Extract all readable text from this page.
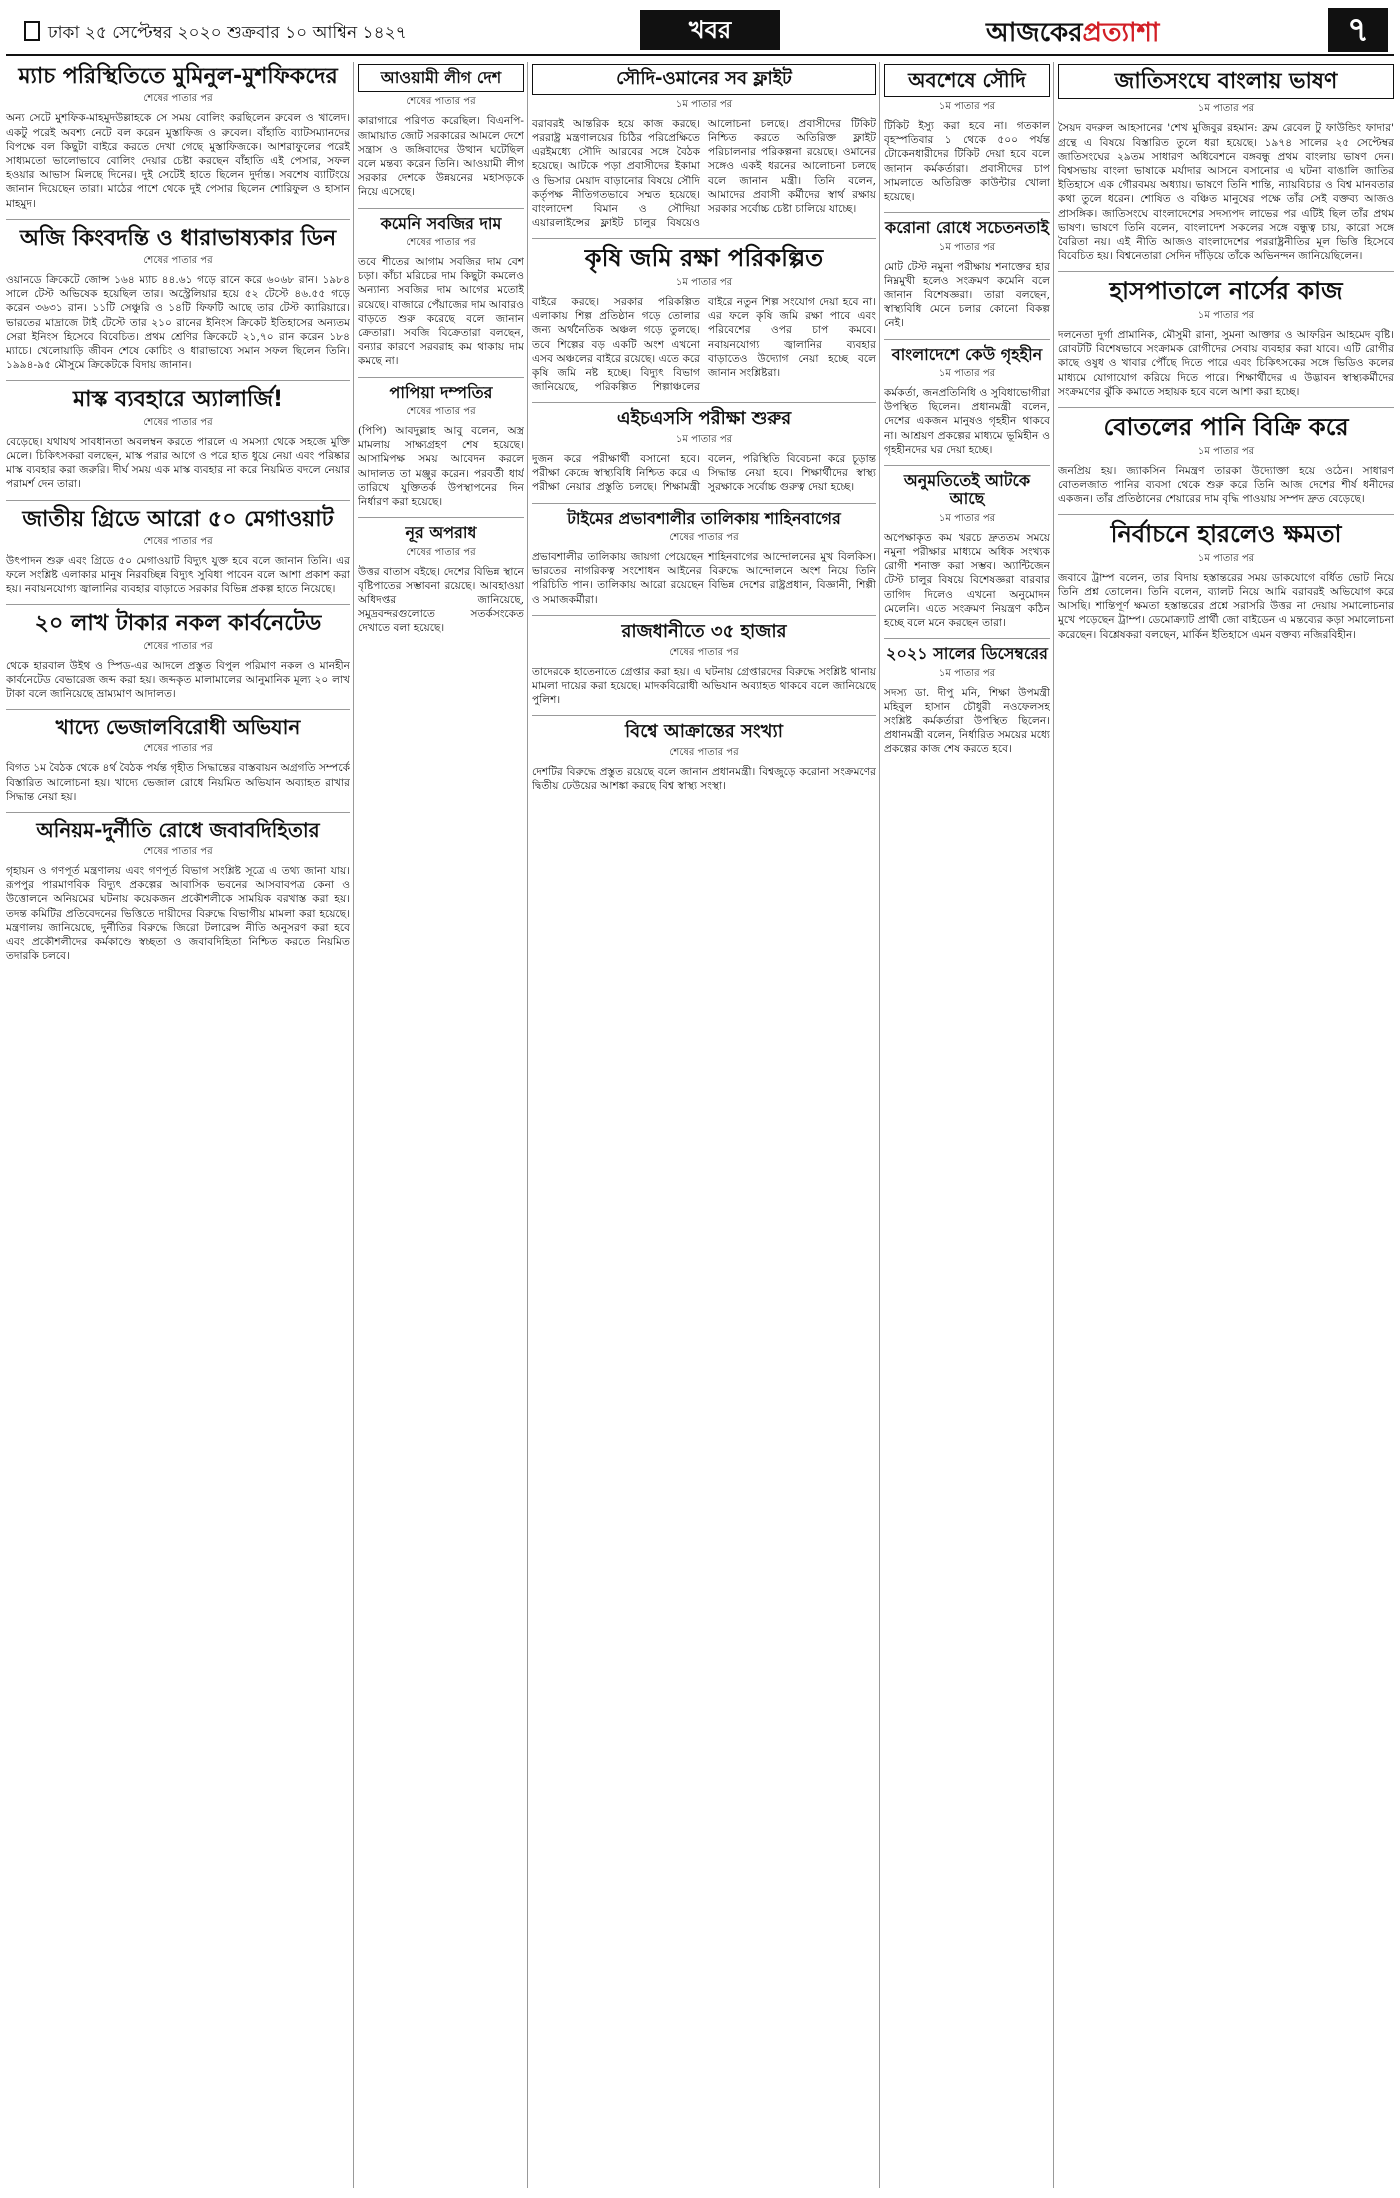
ঢাকা ২৫ সেপ্টেম্বর ২০২০ শুক্রবার ১০ আশ্বিন ১৪২৭	খবর	আজকেরপ্রত্যাশা	৭
ম্যাচ পরিস্থিতিতে মুমিনুল-মুশফিকদের
শেষের পাতার পর

অন্য সেটে মুশফিক-মাহমুদউল্লাহকে সে সময় বোলিং করছিলেন রুবেল ও খালেদ। একটু পরেই অবশ্য নেটে বল করেন মুস্তাফিজ ও রুবেল। বাঁহাতি ব্যাটসম্যানদের বিপক্ষে বল কিছুটা বাইরে করতে দেখা গেছে মুস্তাফিজকে। আশরাফুলের পরেই সাধ্যমতো ভালোভাবে বোলিং দেয়ার চেষ্টা করছেন বাঁহাতি এই পেসার, সফল হওয়ার আভাস মিলছে দিনের। দুই সেটেই হাতে ছিলেন দুর্দান্ত। সবশেষ ব্যাটিংয়ে জানান দিয়েছেন তারা। মাঠের পাশে থেকে দুই পেসার ছিলেন শোরিফুল ও হাসান মাহমুদ।

অজি কিংবদন্তি ও ধারাভাষ্যকার ডিন
শেষের পাতার পর

ওয়ানডে ক্রিকেটে জোন্স ১৬৪ ম্যাচ ৪৪.৬১ গড়ে রানে করে ৬০৬৮ রান। ১৯৮৪ সালে টেস্ট অভিষেক হয়েছিল তার। অস্ট্রেলিয়ার হয়ে ৫২ টেস্টে ৪৬.৫৫ গড়ে করেন ৩৬৩১ রান। ১১টি সেঞ্চুরি ও ১৪টি ফিফটি আছে তার টেস্ট ক্যারিয়ারে। ভারতের মাদ্রাজে টাই টেস্টে তার ২১০ রানের ইনিংস ক্রিকেট ইতিহাসের অন্যতম সেরা ইনিংস হিসেবে বিবেচিত। প্রথম শ্রেণির ক্রিকেটে ২১,৭০ রান করেন ১৮৪ ম্যাচে। খেলোয়াড়ি জীবন শেষে কোচিং ও ধারাভাষ্যে সমান সফল ছিলেন তিনি। ১৯৯৪-৯৫ মৌসুমে ক্রিকেটকে বিদায় জানান।

মাস্ক ব্যবহারে অ্যালার্জি!
শেষের পাতার পর

বেড়েছে। যথাযথ সাবধানতা অবলম্বন করতে পারলে এ সমস্যা থেকে সহজে মুক্তি মেলে। চিকিৎসকরা বলছেন, মাস্ক পরার আগে ও পরে হাত ধুয়ে নেয়া এবং পরিষ্কার মাস্ক ব্যবহার করা জরুরি। দীর্ঘ সময় এক মাস্ক ব্যবহার না করে নিয়মিত বদলে নেয়ার পরামর্শ দেন তারা।

জাতীয় গ্রিডে আরো ৫০ মেগাওয়াট
শেষের পাতার পর

উৎপাদন শুরু এবং গ্রিডে ৫০ মেগাওয়াট বিদ্যুৎ যুক্ত হবে বলে জানান তিনি। এর ফলে সংশ্লিষ্ট এলাকার মানুষ নিরবচ্ছিন্ন বিদ্যুৎ সুবিধা পাবেন বলে আশা প্রকাশ করা হয়। নবায়নযোগ্য জ্বালানির ব্যবহার বাড়াতে সরকার বিভিন্ন প্রকল্প হাতে নিয়েছে।

২০ লাখ টাকার নকল কার্বনেটেড
শেষের পাতার পর

থেকে হারবাল উইথ ও স্পিড-এর আদলে প্রস্তুত বিপুল পরিমাণ নকল ও মানহীন কার্বনেটেড বেভারেজ জব্দ করা হয়। জব্দকৃত মালামালের আনুমানিক মূল্য ২০ লাখ টাকা বলে জানিয়েছে ভ্রাম্যমাণ আদালত।

খাদ্যে ভেজালবিরোধী অভিযান
শেষের পাতার পর

বিগত ১ম বৈঠক থেকে ৪র্থ বৈঠক পর্যন্ত গৃহীত সিদ্ধান্তের বাস্তবায়ন অগ্রগতি সম্পর্কে বিস্তারিত আলোচনা হয়। খাদ্যে ভেজাল রোধে নিয়মিত অভিযান অব্যাহত রাখার সিদ্ধান্ত নেয়া হয়।

অনিয়ম-দুর্নীতি রোধে জবাবদিহিতার
শেষের পাতার পর

গৃহায়ন ও গণপূর্ত মন্ত্রণালয় এবং গণপূর্ত বিভাগ সংশ্লিষ্ট সূত্রে এ তথ্য জানা যায়। রূপপুর পারমাণবিক বিদ্যুৎ প্রকল্পের আবাসিক ভবনের আসবাবপত্র কেনা ও উত্তোলনে অনিয়মের ঘটনায় কয়েকজন প্রকৌশলীকে সাময়িক বরখাস্ত করা হয়। তদন্ত কমিটির প্রতিবেদনের ভিত্তিতে দায়ীদের বিরুদ্ধে বিভাগীয় মামলা করা হয়েছে। মন্ত্রণালয় জানিয়েছে, দুর্নীতির বিরুদ্ধে জিরো টলারেন্স নীতি অনুসরণ করা হবে এবং প্রকৌশলীদের কর্মকাণ্ডে স্বচ্ছতা ও জবাবদিহিতা নিশ্চিত করতে নিয়মিত তদারকি চলবে।

আওয়ামী লীগ দেশ
শেষের পাতার পর

কারাগারে পরিণত করেছিল। বিএনপি-জামায়াত জোট সরকারের আমলে দেশে সন্ত্রাস ও জঙ্গিবাদের উত্থান ঘটেছিল বলে মন্তব্য করেন তিনি। আওয়ামী লীগ সরকার দেশকে উন্নয়নের মহাসড়কে নিয়ে এসেছে।

কমেনি সবজির দাম
শেষের পাতার পর

তবে শীতের আগাম সবজির দাম বেশ চড়া। কাঁচা মরিচের দাম কিছুটা কমলেও অন্যান্য সবজির দাম আগের মতোই রয়েছে। বাজারে পেঁয়াজের দাম আবারও বাড়তে শুরু করেছে বলে জানান ক্রেতারা। সবজি বিক্রেতারা বলছেন, বন্যার কারণে সরবরাহ কম থাকায় দাম কমছে না।

পাপিয়া দম্পতির
শেষের পাতার পর

(পিপি) আবদুল্লাহ আবু বলেন, অস্ত্র মামলায় সাক্ষ্যগ্রহণ শেষ হয়েছে। আসামিপক্ষ সময় আবেদন করলে আদালত তা মঞ্জুর করেন। পরবর্তী ধার্য তারিখে যুক্তিতর্ক উপস্থাপনের দিন নির্ধারণ করা হয়েছে।

নূর অপরাধ
শেষের পাতার পর

উত্তর বাতাস বইছে। দেশের বিভিন্ন স্থানে বৃষ্টিপাতের সম্ভাবনা রয়েছে। আবহাওয়া অধিদপ্তর জানিয়েছে, সমুদ্রবন্দরগুলোতে সতর্কসংকেত দেখাতে বলা হয়েছে।

সৌদি-ওমানের সব ফ্লাইট
১ম পাতার পর

বরাবরই আন্তরিক হয়ে কাজ করছে। পররাষ্ট্র মন্ত্রণালয়ের চিঠির পরিপ্রেক্ষিতে এরইমধ্যে সৌদি আরবের সঙ্গে বৈঠক হয়েছে। আটকে পড়া প্রবাসীদের ইকামা ও ভিসার মেয়াদ বাড়ানোর বিষয়ে সৌদি কর্তৃপক্ষ নীতিগতভাবে সম্মত হয়েছে। বাংলাদেশ বিমান ও সৌদিয়া এয়ারলাইন্সের ফ্লাইট চালুর বিষয়েও আলোচনা চলছে। প্রবাসীদের টিকিট নিশ্চিত করতে অতিরিক্ত ফ্লাইট পরিচালনার পরিকল্পনা রয়েছে। ওমানের সঙ্গেও একই ধরনের আলোচনা চলছে বলে জানান মন্ত্রী। তিনি বলেন, আমাদের প্রবাসী কর্মীদের স্বার্থ রক্ষায় সরকার সর্বোচ্চ চেষ্টা চালিয়ে যাচ্ছে।

কৃষি জমি রক্ষা পরিকল্পিত
১ম পাতার পর

বাইরে করছে। সরকার পরিকল্পিত এলাকায় শিল্প প্রতিষ্ঠান গড়ে তোলার জন্য অর্থনৈতিক অঞ্চল গড়ে তুলছে। তবে শিল্পের বড় একটি অংশ এখনো এসব অঞ্চলের বাইরে রয়েছে। এতে করে কৃষি জমি নষ্ট হচ্ছে। বিদ্যুৎ বিভাগ জানিয়েছে, পরিকল্পিত শিল্পাঞ্চলের বাইরে নতুন শিল্প সংযোগ দেয়া হবে না। এর ফলে কৃষি জমি রক্ষা পাবে এবং পরিবেশের ওপর চাপ কমবে। নবায়নযোগ্য জ্বালানির ব্যবহার বাড়াতেও উদ্যোগ নেয়া হচ্ছে বলে জানান সংশ্লিষ্টরা।

এইচএসসি পরীক্ষা শুরুর
১ম পাতার পর

দুজন করে পরীক্ষার্থী বসানো হবে। পরীক্ষা কেন্দ্রে স্বাস্থ্যবিধি নিশ্চিত করে এ পরীক্ষা নেয়ার প্রস্তুতি চলছে। শিক্ষামন্ত্রী বলেন, পরিস্থিতি বিবেচনা করে চূড়ান্ত সিদ্ধান্ত নেয়া হবে। শিক্ষার্থীদের স্বাস্থ্য সুরক্ষাকে সর্বোচ্চ গুরুত্ব দেয়া হচ্ছে।

টাইমের প্রভাবশালীর তালিকায় শাহিনবাগের
শেষের পাতার পর

প্রভাবশালীর তালিকায় জায়গা পেয়েছেন শাহিনবাগের আন্দোলনের মুখ বিলকিস। ভারতের নাগরিকত্ব সংশোধন আইনের বিরুদ্ধে আন্দোলনে অংশ নিয়ে তিনি পরিচিতি পান। তালিকায় আরো রয়েছেন বিভিন্ন দেশের রাষ্ট্রপ্রধান, বিজ্ঞানী, শিল্পী ও সমাজকর্মীরা।

রাজধানীতে ৩৫ হাজার
শেষের পাতার পর

তাদেরকে হাতেনাতে গ্রেপ্তার করা হয়। এ ঘটনায় গ্রেপ্তারদের বিরুদ্ধে সংশ্লিষ্ট থানায় মামলা দায়ের করা হয়েছে। মাদকবিরোধী অভিযান অব্যাহত থাকবে বলে জানিয়েছে পুলিশ।

বিশ্বে আক্রান্তের সংখ্যা
শেষের পাতার পর

দেশটির বিরুদ্ধে প্রস্তুত রয়েছে বলে জানান প্রধানমন্ত্রী। বিশ্বজুড়ে করোনা সংক্রমণের দ্বিতীয় ঢেউয়ের আশঙ্কা করছে বিশ্ব স্বাস্থ্য সংস্থা।

অবশেষে সৌদি
১ম পাতার পর

টিকিট ইস্যু করা হবে না। গতকাল বৃহস্পতিবার ১ থেকে ৫০০ পর্যন্ত টোকেনধারীদের টিকিট দেয়া হবে বলে জানান কর্মকর্তারা। প্রবাসীদের চাপ সামলাতে অতিরিক্ত কাউন্টার খোলা হয়েছে।

করোনা রোধে সচেতনতাই
১ম পাতার পর

মোট টেস্ট নমুনা পরীক্ষায় শনাক্তের হার নিম্নমুখী হলেও সংক্রমণ কমেনি বলে জানান বিশেষজ্ঞরা। তারা বলছেন, স্বাস্থ্যবিধি মেনে চলার কোনো বিকল্প নেই।

বাংলাদেশে কেউ গৃহহীন
১ম পাতার পর

কর্মকর্তা, জনপ্রতিনিধি ও সুবিধাভোগীরা উপস্থিত ছিলেন। প্রধানমন্ত্রী বলেন, দেশের একজন মানুষও গৃহহীন থাকবে না। আশ্রয়ণ প্রকল্পের মাধ্যমে ভূমিহীন ও গৃহহীনদের ঘর দেয়া হচ্ছে।

অনুমতিতেই আটকে আছে
১ম পাতার পর

অপেক্ষাকৃত কম খরচে দ্রুততম সময়ে নমুনা পরীক্ষার মাধ্যমে অধিক সংখ্যক রোগী শনাক্ত করা সম্ভব। অ্যান্টিজেন টেস্ট চালুর বিষয়ে বিশেষজ্ঞরা বারবার তাগিদ দিলেও এখনো অনুমোদন মেলেনি। এতে সংক্রমণ নিয়ন্ত্রণ কঠিন হচ্ছে বলে মনে করছেন তারা।

২০২১ সালের ডিসেম্বরের
১ম পাতার পর

সদস্য ডা. দীপু মনি, শিক্ষা উপমন্ত্রী মহিবুল হাসান চৌধুরী নওফেলসহ সংশ্লিষ্ট কর্মকর্তারা উপস্থিত ছিলেন। প্রধানমন্ত্রী বলেন, নির্ধারিত সময়ের মধ্যে প্রকল্পের কাজ শেষ করতে হবে।

জাতিসংঘে বাংলায় ভাষণ
১ম পাতার পর

সৈয়দ বদরুল আহসানের 'শেখ মুজিবুর রহমান: ফ্রম রেবেল টু ফাউন্ডিং ফাদার' গ্রন্থে এ বিষয়ে বিস্তারিত তুলে ধরা হয়েছে। ১৯৭৪ সালের ২৫ সেপ্টেম্বর জাতিসংঘের ২৯তম সাধারণ অধিবেশনে বঙ্গবন্ধু প্রথম বাংলায় ভাষণ দেন। বিশ্বসভায় বাংলা ভাষাকে মর্যাদার আসনে বসানোর এ ঘটনা বাঙালি জাতির ইতিহাসে এক গৌরবময় অধ্যায়। ভাষণে তিনি শান্তি, ন্যায়বিচার ও বিশ্ব মানবতার কথা তুলে ধরেন। শোষিত ও বঞ্চিত মানুষের পক্ষে তাঁর সেই বক্তব্য আজও প্রাসঙ্গিক। জাতিসংঘে বাংলাদেশের সদস্যপদ লাভের পর এটিই ছিল তাঁর প্রথম ভাষণ। ভাষণে তিনি বলেন, বাংলাদেশ সকলের সঙ্গে বন্ধুত্ব চায়, কারো সঙ্গে বৈরিতা নয়। এই নীতি আজও বাংলাদেশের পররাষ্ট্রনীতির মূল ভিত্তি হিসেবে বিবেচিত হয়। বিশ্বনেতারা সেদিন দাঁড়িয়ে তাঁকে অভিনন্দন জানিয়েছিলেন।

হাসপাতালে নার্সের কাজ
১ম পাতার পর

দলনেতা দুর্গা প্রামানিক, মৌসুমী রানা, সুমনা আক্তার ও আফরিন আহমেদ বৃষ্টি। রোবটটি বিশেষভাবে সংক্রামক রোগীদের সেবায় ব্যবহার করা যাবে। এটি রোগীর কাছে ওষুধ ও খাবার পৌঁছে দিতে পারে এবং চিকিৎসকের সঙ্গে ভিডিও কলের মাধ্যমে যোগাযোগ করিয়ে দিতে পারে। শিক্ষার্থীদের এ উদ্ভাবন স্বাস্থ্যকর্মীদের সংক্রমণের ঝুঁকি কমাতে সহায়ক হবে বলে আশা করা হচ্ছে।

বোতলের পানি বিক্রি করে
১ম পাতার পর

জনপ্রিয় হয়। জ্যাকসিন নিমন্ত্রণ তারকা উদ্যোক্তা হয়ে ওঠেন। সাধারণ বোতলজাত পানির ব্যবসা থেকে শুরু করে তিনি আজ দেশের শীর্ষ ধনীদের একজন। তাঁর প্রতিষ্ঠানের শেয়ারের দাম বৃদ্ধি পাওয়ায় সম্পদ দ্রুত বেড়েছে।

নির্বাচনে হারলেও ক্ষমতা
১ম পাতার পর

জবাবে ট্রাম্প বলেন, তার বিদায় হস্তান্তরের সময় ডাকযোগে বর্ধিত ভোট নিয়ে তিনি প্রশ্ন তোলেন। তিনি বলেন, ব্যালট নিয়ে আমি বরাবরই অভিযোগ করে আসছি। শান্তিপূর্ণ ক্ষমতা হস্তান্তরের প্রশ্নে সরাসরি উত্তর না দেয়ায় সমালোচনার মুখে পড়েছেন ট্রাম্প। ডেমোক্র্যাট প্রার্থী জো বাইডেন এ মন্তব্যের কড়া সমালোচনা করেছেন। বিশ্লেষকরা বলছেন, মার্কিন ইতিহাসে এমন বক্তব্য নজিরবিহীন।
